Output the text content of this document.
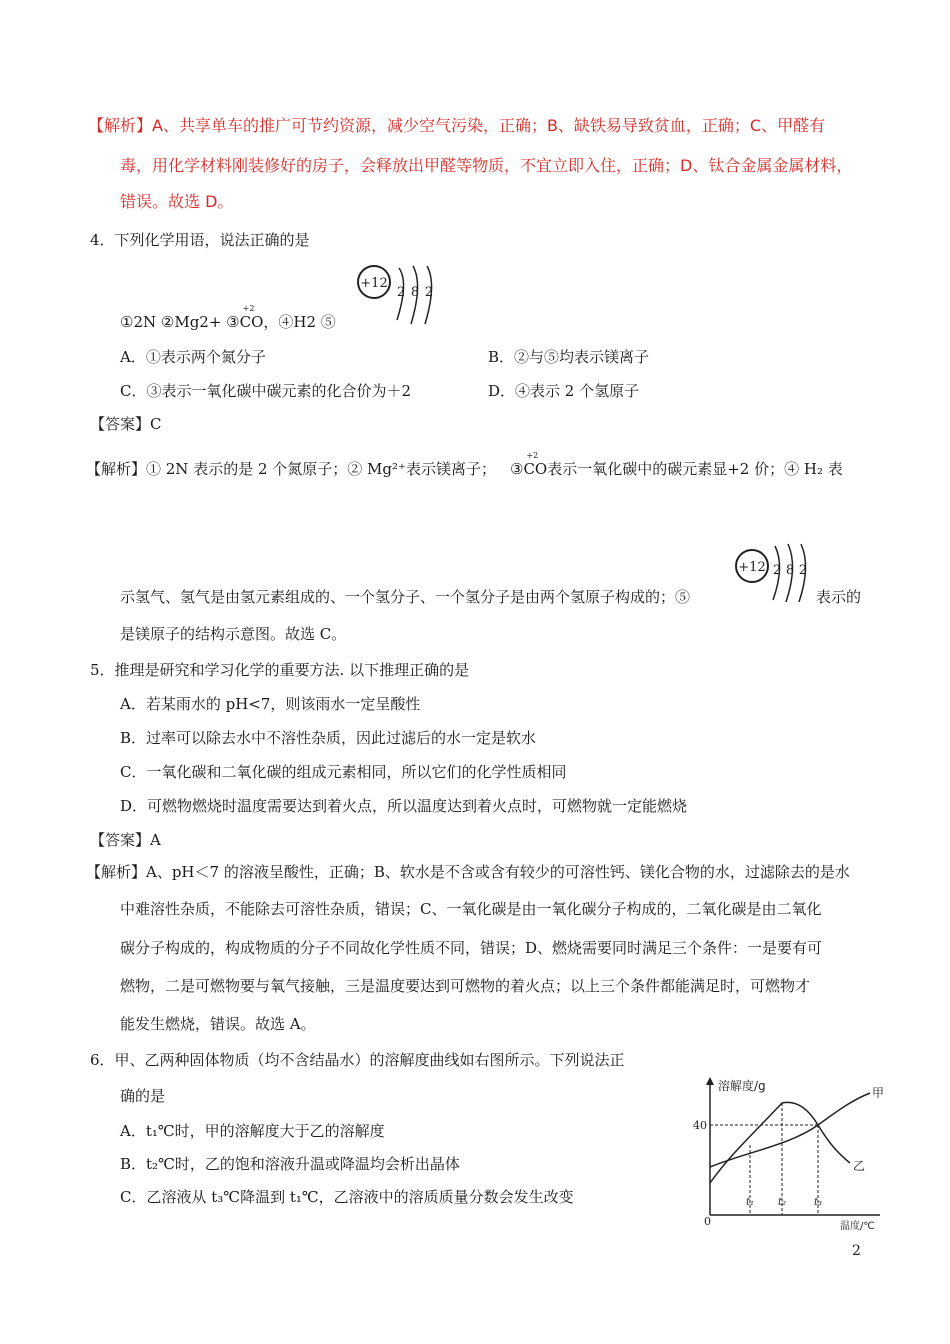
【解析】A、共享单车的推广可节约资源，减少空气污染，正确；B、缺铁易导致贫血，正确；C、甲醛有
毒，用化学材料刚装修好的房子，会释放出甲醛等物质，不宜立即入住，正确；D、钛合金属金属材料，
错误。故选 D。
4．下列化学用语，说法正确的是
①2N ②Mg2+ ③
+2
CO，④H2 ⑤
+12
2 8 2
A．①表示两个氮分子	B．②与⑤均表示镁离子
C．③表示一氧化碳中碳元素的化合价为＋2	D．④表示 2 个氢原子
【答案】C
【解析】① 2N 表示的是 2 个氮原子；② Mg²⁺表示镁离子； ③
+2
CO表示一氧化碳中的碳元素显+2 价；④ H₂ 表
+12 2 8 2
示氢气、氢气是由氢元素组成的、一个氢分子、一个氢分子是由两个氢原子构成的；⑤	表示的
是镁原子的结构示意图。故选 C。
5．推理是研究和学习化学的重要方法. 以下推理正确的是
A．若某雨水的 pH<7，则该雨水一定呈酸性
B．过率可以除去水中不溶性杂质，因此过滤后的水一定是软水
C．一氧化碳和二氧化碳的组成元素相同，所以它们的化学性质相同
D．可燃物燃烧时温度需要达到着火点，所以温度达到着火点时，可燃物就一定能燃烧
【答案】A
【解析】A、pH＜7 的溶液呈酸性，正确；B、软水是不含或含有较少的可溶性钙、镁化合物的水，过滤除去的是水
中难溶性杂质，不能除去可溶性杂质，错误；C、一氧化碳是由一氧化碳分子构成的，二氧化碳是由二氧化
碳分子构成的，构成物质的分子不同故化学性质不同，错误；D、燃烧需要同时满足三个条件：一是要有可
燃物，二是可燃物要与氧气接触，三是温度要达到可燃物的着火点；以上三个条件都能满足时，可燃物才
能发生燃烧，错误。故选 A。
6．甲、乙两种固体物质（均不含结晶水）的溶解度曲线如右图所示。下列说法正
确的是
A．t₁℃时，甲的溶解度大于乙的溶解度
B．t₂℃时，乙的饱和溶液升温或降温均会析出晶体
C．乙溶液从 t₃℃降温到 t₁℃，乙溶液中的溶质质量分数会发生改变
溶解度/g
温度/℃
0
40
t₁ t₂	t₃
甲
乙
2
